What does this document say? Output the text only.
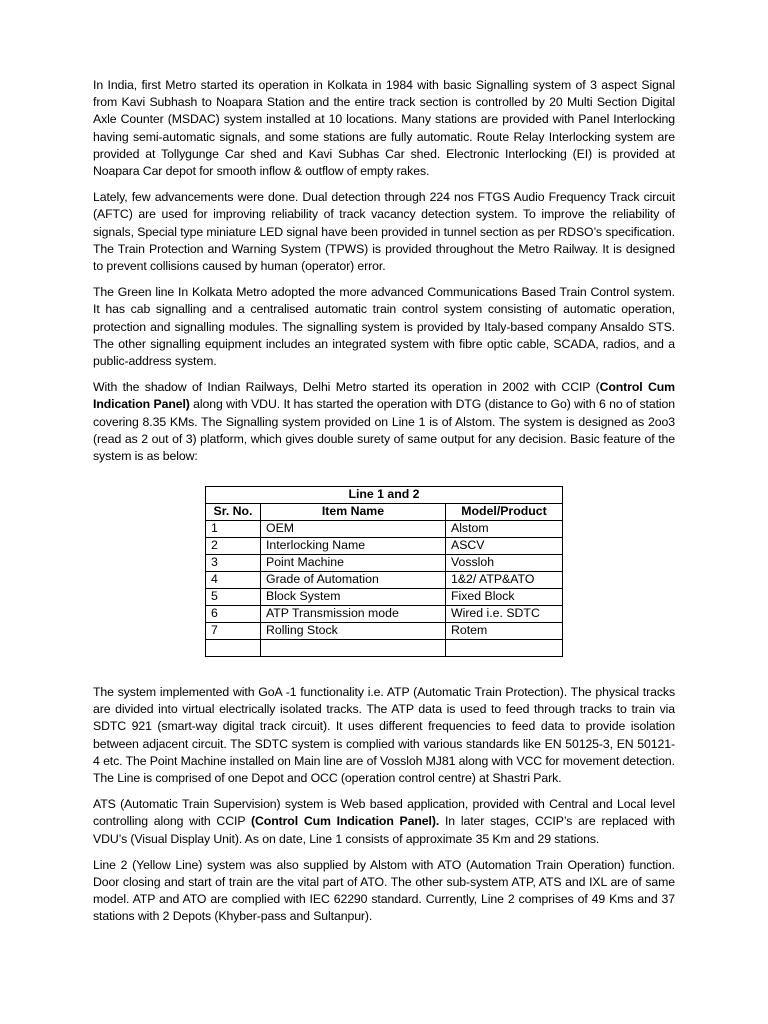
In India, first Metro started its operation in Kolkata in 1984 with basic Signalling system of 3 aspect Signal from Kavi Subhash to Noapara Station and the entire track section is controlled by 20 Multi Section Digital Axle Counter (MSDAC) system installed at 10 locations. Many stations are provided with Panel Interlocking having semi-automatic signals, and some stations are fully automatic. Route Relay Interlocking system are provided at Tollygunge Car shed and Kavi Subhas Car shed. Electronic Interlocking (EI) is provided at Noapara Car depot for smooth inflow & outflow of empty rakes.

Lately, few advancements were done. Dual detection through 224 nos FTGS Audio Frequency Track circuit (AFTC) are used for improving reliability of track vacancy detection system. To improve the reliability of signals, Special type miniature LED signal have been provided in tunnel section as per RDSO’s specification. The Train Protection and Warning System (TPWS) is provided throughout the Metro Railway. It is designed to prevent collisions caused by human (operator) error.

The Green line In Kolkata Metro adopted the more advanced Communications Based Train Control system. It has cab signalling and a centralised automatic train control system consisting of automatic operation, protection and signalling modules. The signalling system is provided by Italy-based company Ansaldo STS. The other signalling equipment includes an integrated system with fibre optic cable, SCADA, radios, and a public-address system.

With the shadow of Indian Railways, Delhi Metro started its operation in 2002 with CCIP (Control Cum Indication Panel) along with VDU. It has started the operation with DTG (distance to Go) with 6 no of station covering 8.35 KMs. The Signalling system provided on Line 1 is of Alstom. The system is designed as 2oo3 (read as 2 out of 3) platform, which gives double surety of same output for any decision. Basic feature of the system is as below:

Line 1 and 2		
Sr. No.	Item Name	Model/Product
1	OEM	Alstom
2	Interlocking Name	ASCV
3	Point Machine	Vossloh
4	Grade of Automation	1&2/ ATP&ATO
5	Block System	Fixed Block
6	ATP Transmission mode	Wired i.e. SDTC
7	Rolling Stock	Rotem

The system implemented with GoA -1 functionality i.e. ATP (Automatic Train Protection). The physical tracks are divided into virtual electrically isolated tracks. The ATP data is used to feed through tracks to train via SDTC 921 (smart-way digital track circuit). It uses different frequencies to feed data to provide isolation between adjacent circuit. The SDTC system is complied with various standards like EN 50125-3, EN 50121-4 etc. The Point Machine installed on Main line are of Vossloh MJ81 along with VCC for movement detection. The Line is comprised of one Depot and OCC (operation control centre) at Shastri Park.

ATS (Automatic Train Supervision) system is Web based application, provided with Central and Local level controlling along with CCIP (Control Cum Indication Panel). In later stages, CCIP’s are replaced with VDU’s (Visual Display Unit). As on date, Line 1 consists of approximate 35 Km and 29 stations.

Line 2 (Yellow Line) system was also supplied by Alstom with ATO (Automation Train Operation) function. Door closing and start of train are the vital part of ATO. The other sub-system ATP, ATS and IXL are of same model. ATP and ATO are complied with IEC 62290 standard. Currently, Line 2 comprises of 49 Kms and 37 stations with 2 Depots (Khyber-pass and Sultanpur).
